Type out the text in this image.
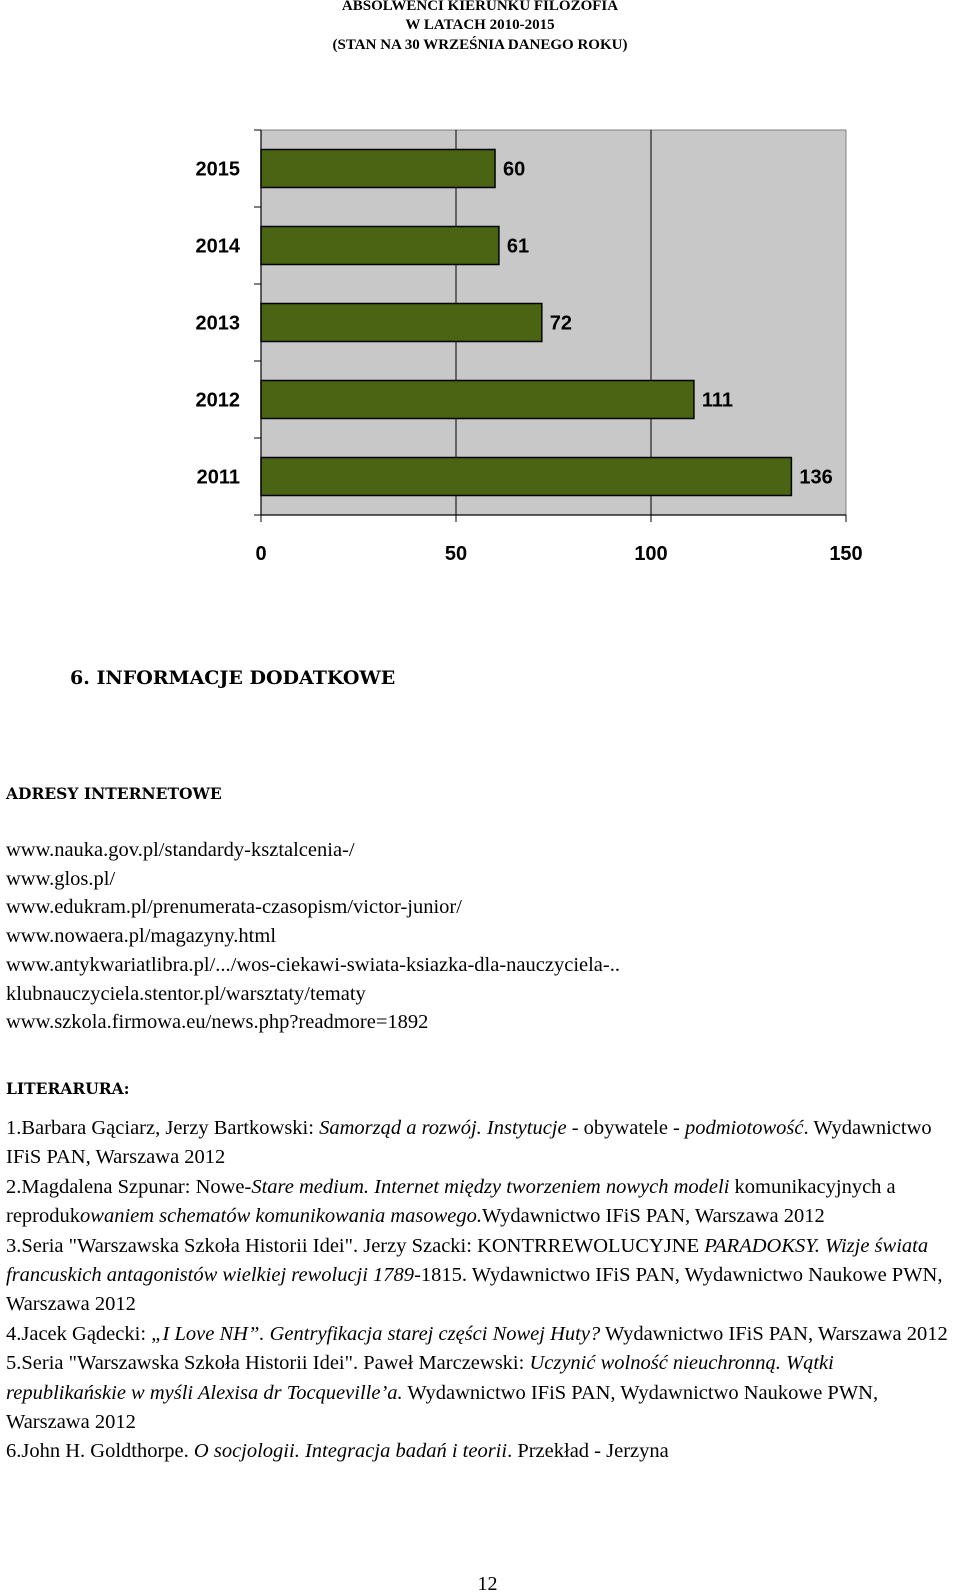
ABSOLWENCI KIERUNKU FILOZOFIA
W LATACH 2010-2015
(STAN NA 30 WRZEŚNIA DANEGO ROKU)
0	50	100	150
2015	60
2014	61
2013	72
2012	111
2011	136
6. INFORMACJE DODATKOWE
ADRESY INTERNETOWE
www.nauka.gov.pl/standardy-ksztalcenia-/
www.glos.pl/
www.edukram.pl/prenumerata-czasopism/victor-junior/
www.nowaera.pl/magazyny.html
www.antykwariatlibra.pl/.../wos-ciekawi-swiata-ksiazka-dla-nauczyciela-..
klubnauczyciela.stentor.pl/warsztaty/tematy
www.szkola.firmowa.eu/news.php?readmore=1892
LITERARURA:

1.Barbara Gąciarz, Jerzy Bartkowski: Samorząd a rozwój. Instytucje - obywatele - podmiotowość. Wydawnictwo IFiS PAN, Warszawa 2012

2.Magdalena Szpunar: Nowe-Stare medium. Internet między tworzeniem nowych modeli komunikacyjnych a reprodukowaniem schematów komunikowania masowego.Wydawnictwo IFiS PAN, Warszawa 2012

3.Seria "Warszawska Szkoła Historii Idei". Jerzy Szacki: KONTRREWOLUCYJNE PARADOKSY. Wizje świata francuskich antagonistów wielkiej rewolucji 1789-1815. Wydawnictwo IFiS PAN, Wydawnictwo Naukowe PWN, Warszawa 2012

4.Jacek Gądecki: „I Love NH”. Gentryfikacja starej części Nowej Huty? Wydawnictwo IFiS PAN, Warszawa 2012

5.Seria "Warszawska Szkoła Historii Idei". Paweł Marczewski: Uczynić wolność nieuchronną. Wątki republikańskie w myśli Alexisa dr Tocqueville’a. Wydawnictwo IFiS PAN, Wydawnictwo Naukowe PWN, Warszawa 2012

6.John H. Goldthorpe. O socjologii. Integracja badań i teorii. Przekład - Jerzyna

12
